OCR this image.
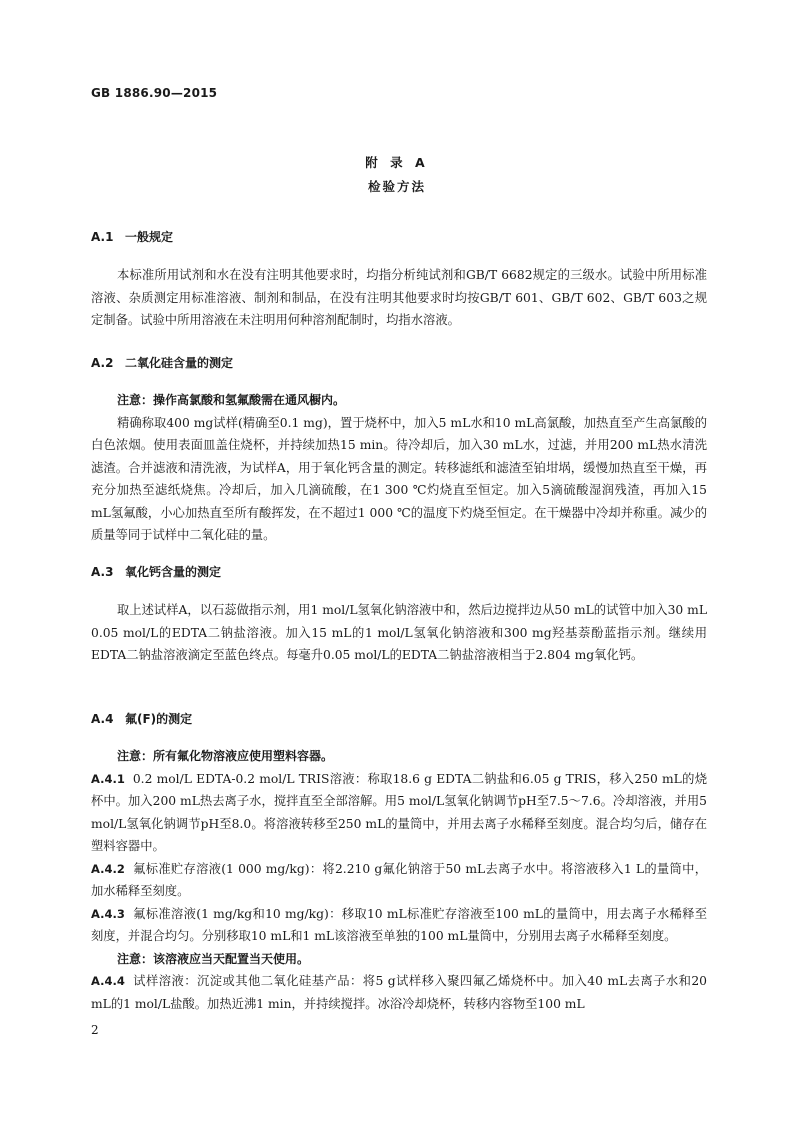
GB 1886.90—2015
附 录 A
检验方法
A.1 一般规定
本标准所用试剂和水在没有注明其他要求时，均指分析纯试剂和GB/T 6682规定的三级水。试验中所用标准溶液、杂质测定用标准溶液、制剂和制品，在没有注明其他要求时均按GB/T 601、GB/T 602、GB/T 603之规定制备。试验中所用溶液在未注明用何种溶剂配制时，均指水溶液。
A.2 二氧化硅含量的测定
注意：操作高氯酸和氢氟酸需在通风橱内。
精确称取400 mg试样(精确至0.1 mg)，置于烧杯中，加入5 mL水和10 mL高氯酸，加热直至产生高氯酸的白色浓烟。使用表面皿盖住烧杯，并持续加热15 min。待冷却后，加入30 mL水，过滤，并用200 mL热水清洗滤渣。合并滤液和清洗液，为试样A，用于氧化钙含量的测定。转移滤纸和滤渣至铂坩埚，缓慢加热直至干燥，再充分加热至滤纸烧焦。冷却后，加入几滴硫酸，在1 300 ℃灼烧直至恒定。加入5滴硫酸湿润残渣，再加入15 mL氢氟酸，小心加热直至所有酸挥发，在不超过1 000 ℃的温度下灼烧至恒定。在干燥器中冷却并称重。减少的质量等同于试样中二氧化硅的量。
A.3 氧化钙含量的测定
取上述试样A，以石蕊做指示剂，用1 mol/L氢氧化钠溶液中和，然后边搅拌边从50 mL的试管中加入30 mL 0.05 mol/L的EDTA二钠盐溶液。加入15 mL的1 mol/L氢氧化钠溶液和300 mg羟基萘酚蓝指示剂。继续用EDTA二钠盐溶液滴定至蓝色终点。每毫升0.05 mol/L的EDTA二钠盐溶液相当于2.804 mg氧化钙。
A.4 氟(F)的测定
注意：所有氟化物溶液应使用塑料容器。
A.4.1 0.2 mol/L EDTA-0.2 mol/L TRIS溶液：称取18.6 g EDTA二钠盐和6.05 g TRIS，移入250 mL的烧杯中。加入200 mL热去离子水，搅拌直至全部溶解。用5 mol/L氢氧化钠调节pH至7.5～7.6。冷却溶液，并用5 mol/L氢氧化钠调节pH至8.0。将溶液转移至250 mL的量筒中，并用去离子水稀释至刻度。混合均匀后，储存在塑料容器中。
A.4.2 氟标准贮存溶液(1 000 mg/kg)：将2.210 g氟化钠溶于50 mL去离子水中。将溶液移入1 L的量筒中，加水稀释至刻度。
A.4.3 氟标准溶液(1 mg/kg和10 mg/kg)：移取10 mL标准贮存溶液至100 mL的量筒中，用去离子水稀释至刻度，并混合均匀。分别移取10 mL和1 mL该溶液至单独的100 mL量筒中，分别用去离子水稀释至刻度。
注意：该溶液应当天配置当天使用。
A.4.4 试样溶液：沉淀或其他二氧化硅基产品：将5 g试样移入聚四氟乙烯烧杯中。加入40 mL去离子水和20 mL的1 mol/L盐酸。加热近沸1 min，并持续搅拌。冰浴冷却烧杯，转移内容物至100 mL
2
